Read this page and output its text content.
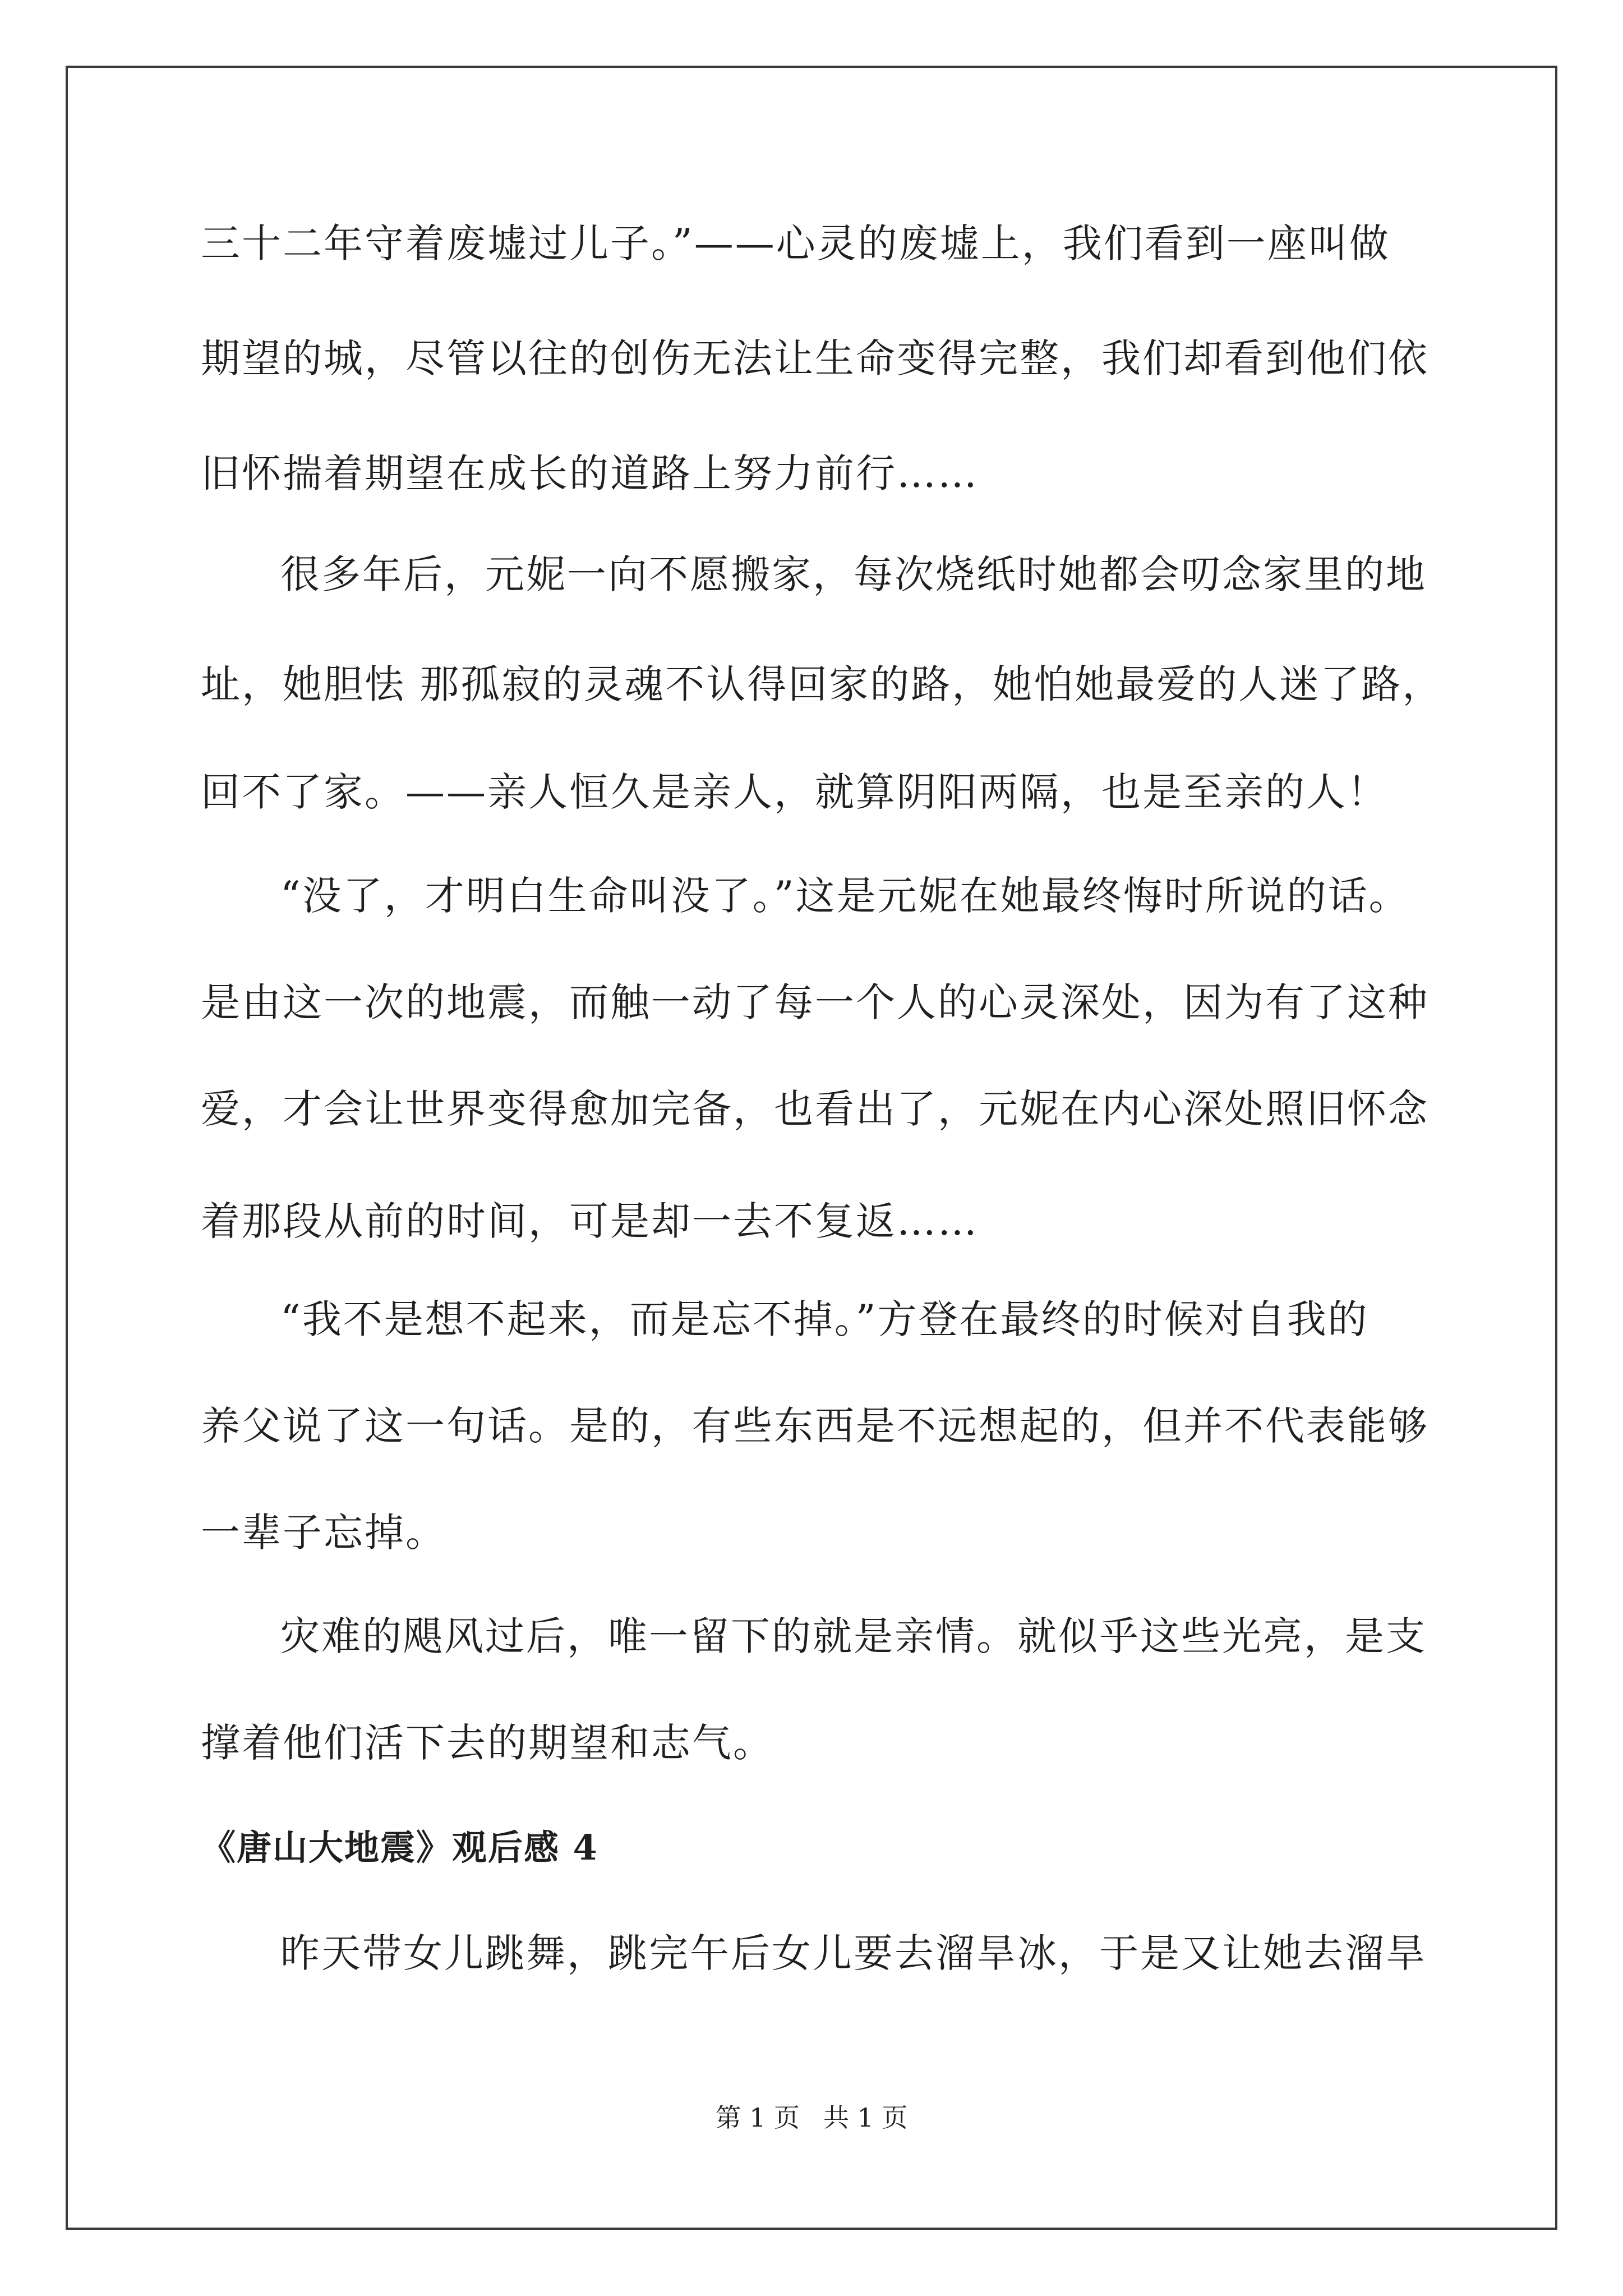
三十二年守着废墟过儿子。”——心灵的废墟上，我们看到一座叫做

期望的城，尽管以往的创伤无法让生命变得完整，我们却看到他们依

旧怀揣着期望在成长的道路上努力前行……

很多年后，元妮一向不愿搬家，每次烧纸时她都会叨念家里的地

址，她胆怯 那孤寂的灵魂不认得回家的路，她怕她最爱的人迷了路，

回不了家。——亲人恒久是亲人，就算阴阳两隔，也是至亲的人！

“没了，才明白生命叫没了。”这是元妮在她最终悔时所说的话。

是由这一次的地震，而触一动了每一个人的心灵深处，因为有了这种

爱，才会让世界变得愈加完备，也看出了，元妮在内心深处照旧怀念

着那段从前的时间，可是却一去不复返……

“我不是想不起来，而是忘不掉。”方登在最终的时候对自我的

养父说了这一句话。是的，有些东西是不远想起的，但并不代表能够

一辈子忘掉。

灾难的飓风过后，唯一留下的就是亲情。就似乎这些光亮，是支

撑着他们活下去的期望和志气。

《唐山大地震》观后感 4

昨天带女儿跳舞，跳完午后女儿要去溜旱冰，于是又让她去溜旱

第 1 页 共 1 页
